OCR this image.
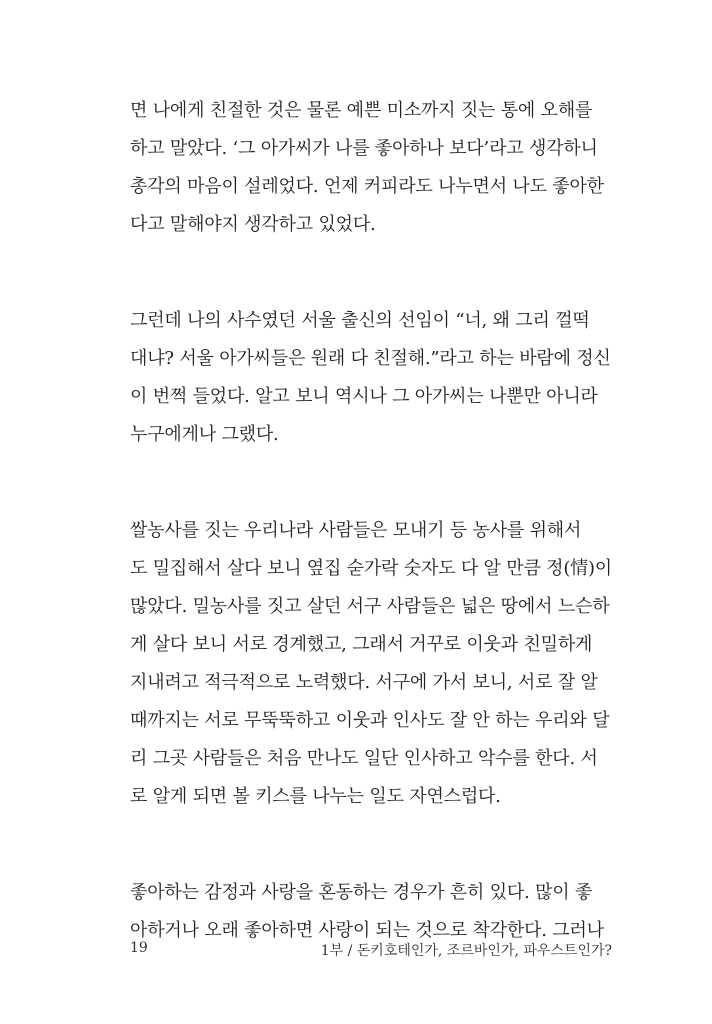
면 나에게 친절한 것은 물론 예쁜 미소까지 짓는 통에 오해를
하고 말았다. ‘그 아가씨가 나를 좋아하나 보다’라고 생각하니
총각의 마음이 설레었다. 언제 커피라도 나누면서 나도 좋아한
다고 말해야지 생각하고 있었다.
그런데 나의 사수였던 서울 출신의 선임이 “너, 왜 그리 껄떡
대냐? 서울 아가씨들은 원래 다 친절해.”라고 하는 바람에 정신
이 번쩍 들었다. 알고 보니 역시나 그 아가씨는 나뿐만 아니라
누구에게나 그랬다.
쌀농사를 짓는 우리나라 사람들은 모내기 등 농사를 위해서
도 밀집해서 살다 보니 옆집 숟가락 숫자도 다 알 만큼 정(情)이
많았다. 밀농사를 짓고 살던 서구 사람들은 넓은 땅에서 느슨하
게 살다 보니 서로 경계했고, 그래서 거꾸로 이웃과 친밀하게
지내려고 적극적으로 노력했다. 서구에 가서 보니, 서로 잘 알
때까지는 서로 무뚝뚝하고 이웃과 인사도 잘 안 하는 우리와 달
리 그곳 사람들은 처음 만나도 일단 인사하고 악수를 한다. 서
로 알게 되면 볼 키스를 나누는 일도 자연스럽다.
좋아하는 감정과 사랑을 혼동하는 경우가 흔히 있다. 많이 좋
아하거나 오래 좋아하면 사랑이 되는 것으로 착각한다. 그러나
19	1부 / 돈키호테인가, 조르바인가, 파우스트인가?
